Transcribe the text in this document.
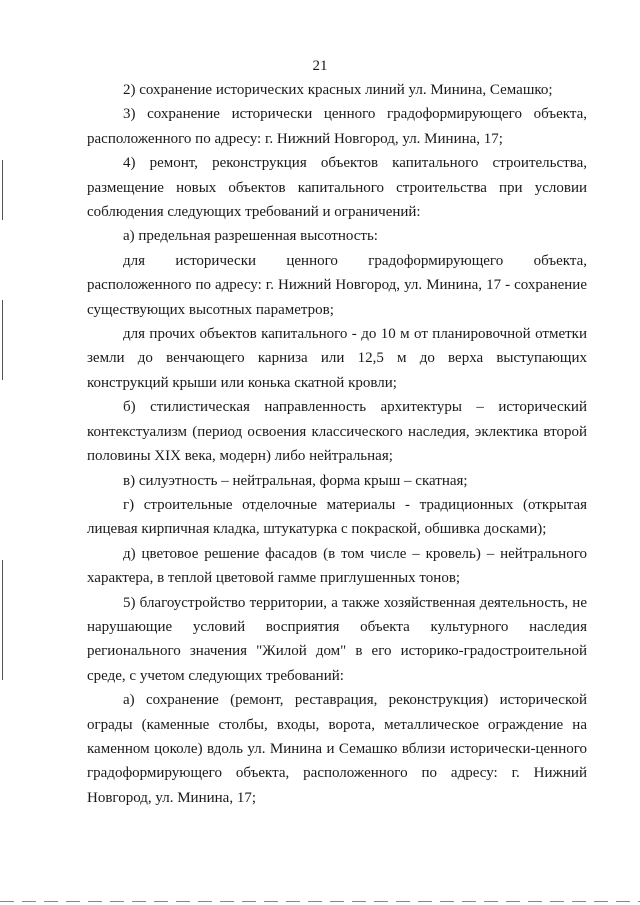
21

2) сохранение исторических красных линий ул. Минина, Семашко;

3) сохранение исторически ценного градоформирующего объекта, расположенного по адресу: г. Нижний Новгород, ул. Минина, 17;

4) ремонт, реконструкция объектов капитального строительства, размещение новых объектов капитального строительства при условии соблюдения следующих требований и ограничений:

а) предельная разрешенная высотность:

для исторически ценного градоформирующего объекта, расположенного по адресу: г. Нижний Новгород, ул. Минина, 17 - сохранение существующих высотных параметров;

для прочих объектов капитального - до 10 м от планировочной отметки земли до венчающего карниза или 12,5 м до верха выступающих конструкций крыши или конька скатной кровли;

б) стилистическая направленность архитектуры – исторический контекстуализм (период освоения классического наследия, эклектика второй половины XIX века, модерн) либо нейтральная;

в) силуэтность – нейтральная, форма крыш – скатная;

г) строительные отделочные материалы - традиционных (открытая лицевая кирпичная кладка, штукатурка с покраской, обшивка досками);

д) цветовое решение фасадов (в том числе – кровель) – нейтрального характера, в теплой цветовой гамме приглушенных тонов;

5) благоустройство территории, а также хозяйственная деятельность, не нарушающие условий восприятия объекта культурного наследия регионального значения "Жилой дом" в его историко-градостроительной среде, с учетом следующих требований:

а) сохранение (ремонт, реставрация, реконструкция) исторической ограды (каменные столбы, входы, ворота, металлическое ограждение на каменном цоколе) вдоль ул. Минина и Семашко вблизи исторически-ценного градоформирующего объекта, расположенного по адресу: г. Нижний Новгород, ул. Минина, 17;
